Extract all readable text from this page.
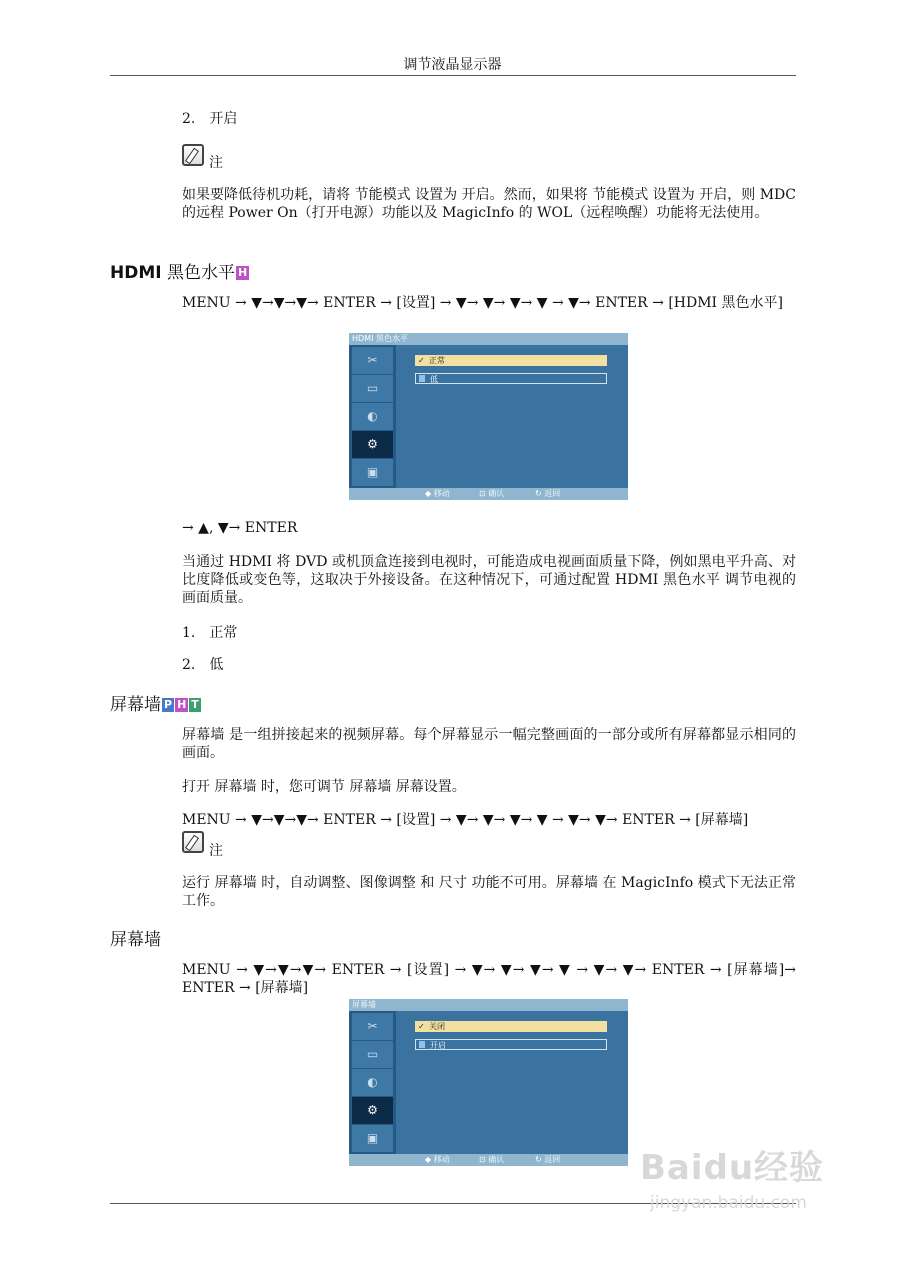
调节液晶显示器
2.　开启
注
如果要降低待机功耗，请将 节能模式 设置为 开启。然而，如果将 节能模式 设置为 开启，则 MDC 的远程 Power On（打开电源）功能以及 MagicInfo 的 WOL（远程唤醒）功能将无法使用。
HDMI 黑色水平 H
MENU → ▼→▼→▼→ ENTER → [设置] → ▼→ ▼→ ▼→ ▼ → ▼→ ENTER → [HDMI 黑色水平]
HDMI 黑色水平
✂
▭
◐
⚙
▣
✓ 正常
低
◆ 移动	⊡ 确认	↻ 返回
→ ▲, ▼→ ENTER
当通过 HDMI 将 DVD 或机顶盒连接到电视时，可能造成电视画面质量下降，例如黑电平升高、对比度降低或变色等，这取决于外接设备。在这种情况下，可通过配置 HDMI 黑色水平 调节电视的画面质量。
1.　正常
2.　低
屏幕墙 P H T
屏幕墙 是一组拼接起来的视频屏幕。每个屏幕显示一幅完整画面的一部分或所有屏幕都显示相同的画面。
打开 屏幕墙 时，您可调节 屏幕墙 屏幕设置。
MENU → ▼→▼→▼→ ENTER → [设置] → ▼→ ▼→ ▼→ ▼ → ▼→ ▼→ ENTER → [屏幕墙]
注
运行 屏幕墙 时，自动调整、图像调整 和 尺寸 功能不可用。屏幕墙 在 MagicInfo 模式下无法正常工作。
屏幕墙
MENU → ▼→▼→▼→ ENTER → [设置] → ▼→ ▼→ ▼→ ▼ → ▼→ ▼→ ENTER → [屏幕墙]→ ENTER → [屏幕墙]
屏幕墙
✂
▭
◐
⚙
▣
✓ 关闭
开启
◆ 移动	⊡ 确认	↻ 返回 Baidu经验
jingyan.baidu.com
